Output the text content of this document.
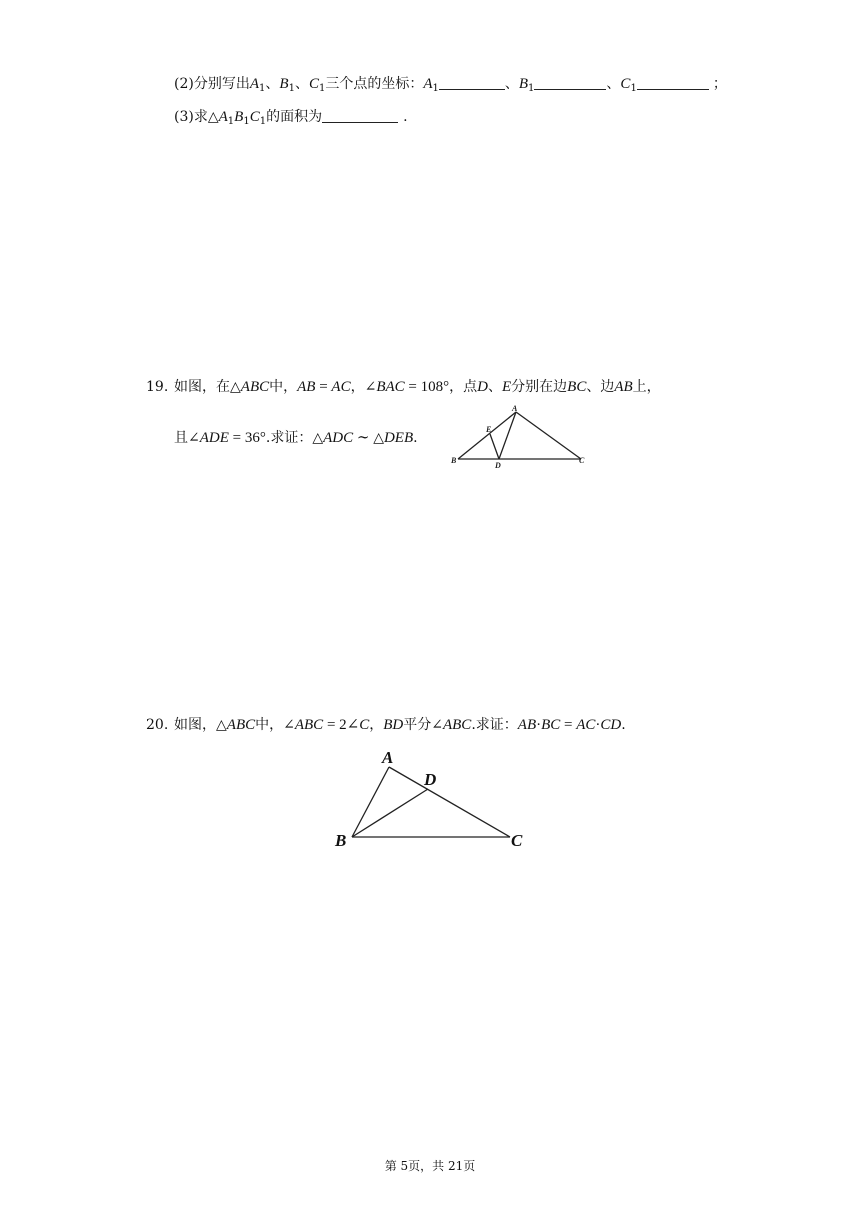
(2)分别写出$A_1$、$B_1$、$C_1$三个点的坐标：$A_1$	、$B_1$	、$C_1$	；
(3)求$\triangle A_1B_1C_1$的面积为	.
19. 如图，在△ABC中，AB = AC，∠BAC = 108°，点D、E分别在边BC、边AB上，
且∠ADE = 36°.求证：△ADC ∼ △DEB.
A
E
B
D
C
20. 如图，△ABC中，∠ABC = 2∠C，BD平分∠ABC.求证：AB·BC = AC·CD.
A
D
B	C
第 5页，共 21页
